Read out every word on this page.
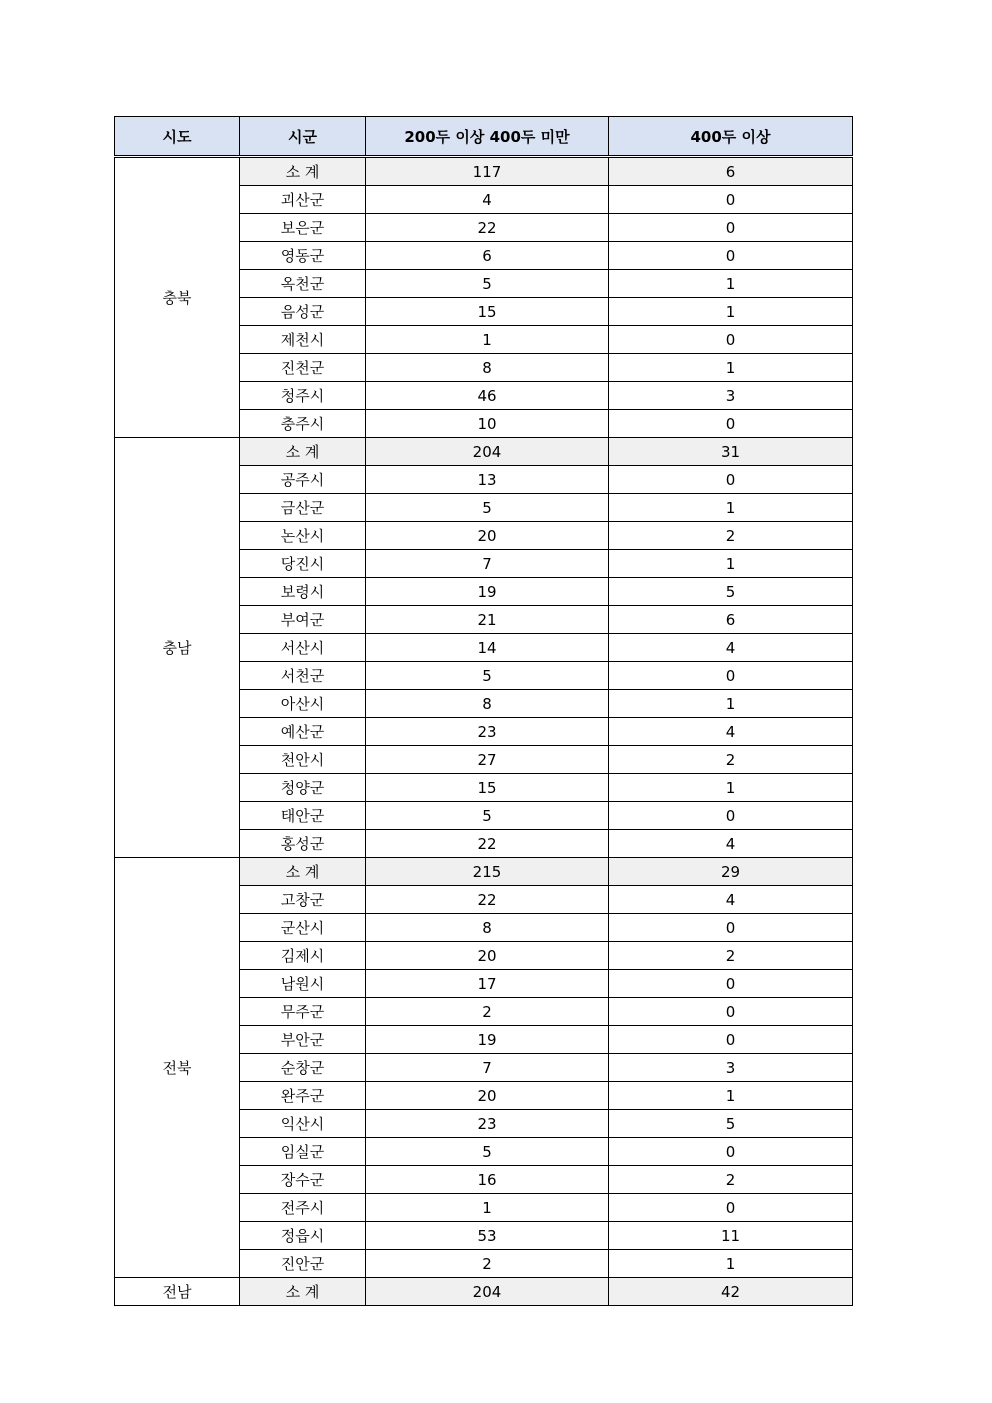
시도	시군	200두 이상 400두 미만	400두 이상
충북	소 계	117	6
	괴산군	4	0
	보은군	22	0
	영동군	6	0
	옥천군	5	1
	음성군	15	1
	제천시	1	0
	진천군	8	1
	청주시	46	3
	충주시	10	0
충남	소 계	204	31
	공주시	13	0
	금산군	5	1
	논산시	20	2
	당진시	7	1
	보령시	19	5
	부여군	21	6
	서산시	14	4
	서천군	5	0
	아산시	8	1
	예산군	23	4
	천안시	27	2
	청양군	15	1
	태안군	5	0
	홍성군	22	4
전북	소 계	215	29
	고창군	22	4
	군산시	8	0
	김제시	20	2
	남원시	17	0
	무주군	2	0
	부안군	19	0
	순창군	7	3
	완주군	20	1
	익산시	23	5
	임실군	5	0
	장수군	16	2
	전주시	1	0
	정읍시	53	11
	진안군	2	1
전남	소 계	204	42
